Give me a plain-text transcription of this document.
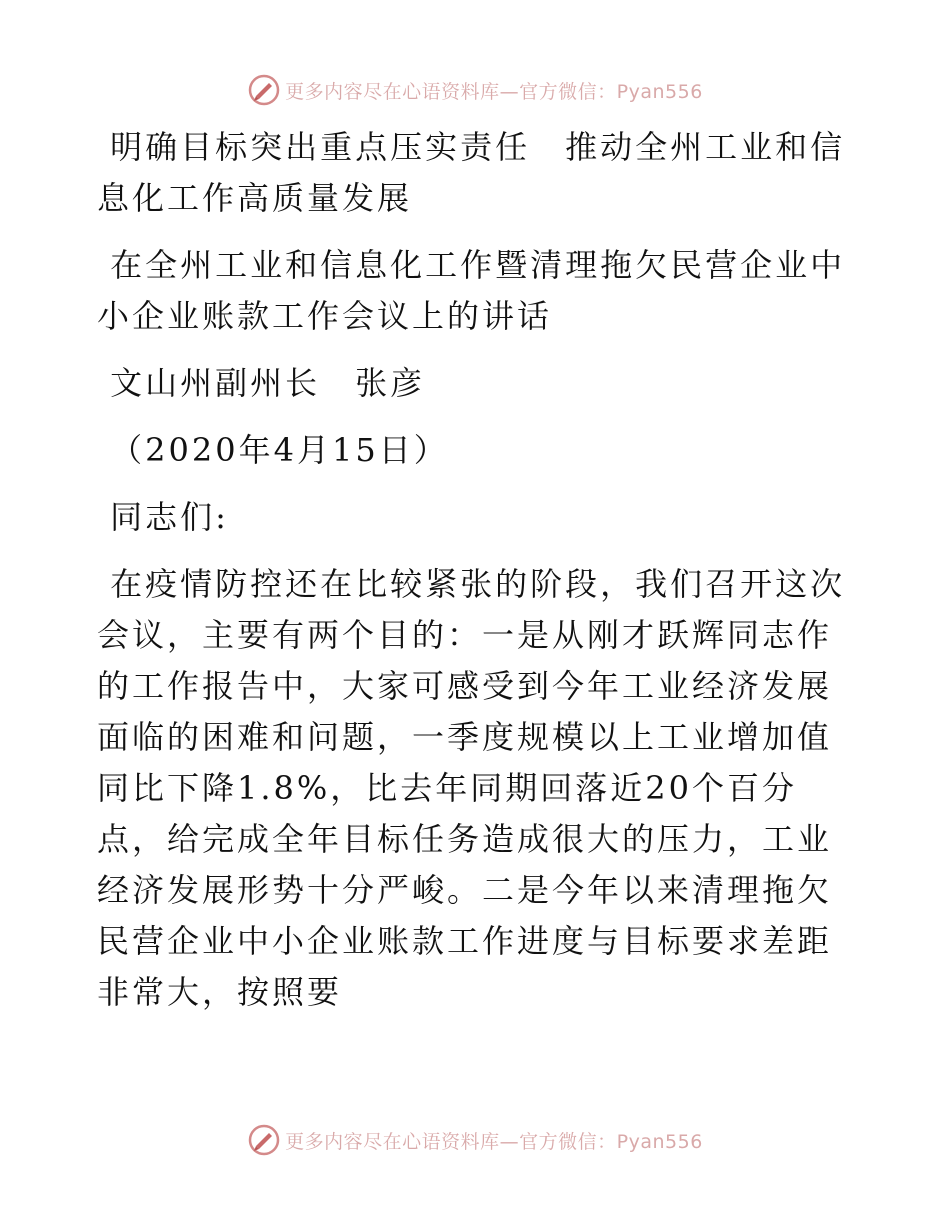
更多内容尽在心语资料库—官方微信：Pyan556

明确目标突出重点压实责任　推动全州工业和信息化工作高质量发展

在全州工业和信息化工作暨清理拖欠民营企业中小企业账款工作会议上的讲话

文山州副州长　张彦

（2020年4月15日）

同志们:

在疫情防控还在比较紧张的阶段，我们召开这次会议，主要有两个目的：一是从刚才跃辉同志作的工作报告中，大家可感受到今年工业经济发展面临的困难和问题，一季度规模以上工业增加值同比下降1.8%，比去年同期回落近20个百分点，给完成全年目标任务造成很大的压力，工业经济发展形势十分严峻。二是今年以来清理拖欠民营企业中小企业账款工作进度与目标要求差距非常大，按照要

更多内容尽在心语资料库—官方微信：Pyan556
